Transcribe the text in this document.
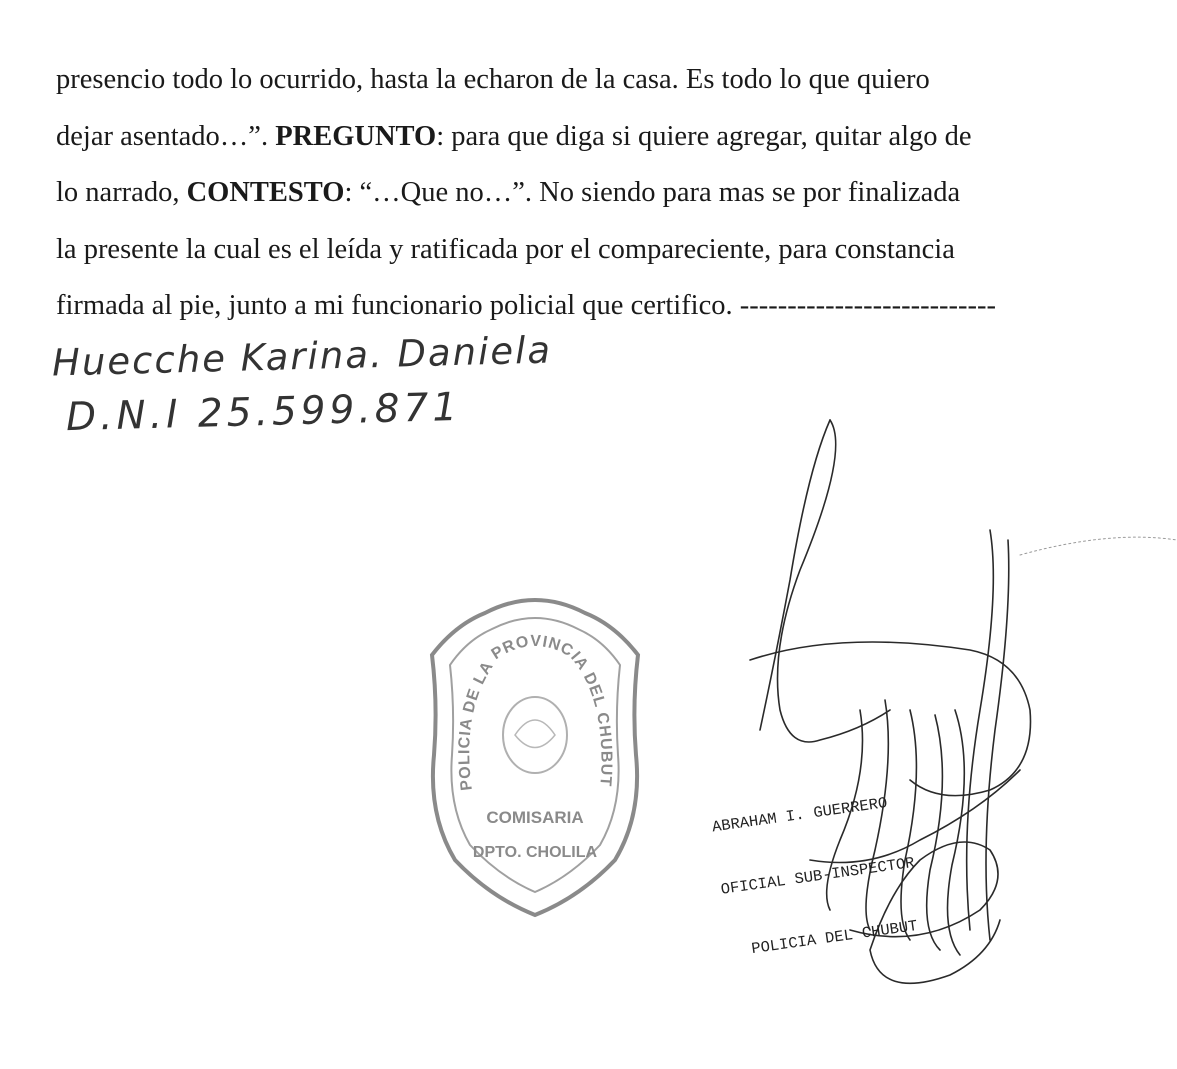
presencio todo lo ocurrido, hasta la echaron de la casa. Es todo lo que quiero
dejar asentado…”. PREGUNTO: para que diga si quiere agregar, quitar algo de
lo narrado, CONTESTO: “…Que no…”. No siendo para mas se por finalizada
la presente la cual es el leída y ratificada por el compareciente, para constancia
firmada al pie, junto a mi funcionario policial que certifico. ---------------------------
Huecche Karina. Daniela
D.N.I 25.599.871
POLICIA DE LA PROVINCIA DEL CHUBUT
COMISARIA
DPTO. CHOLILA

ABRAHAM I. GUERRERO

OFICIAL SUB-INSPECTOR

POLICIA DEL CHUBUT
